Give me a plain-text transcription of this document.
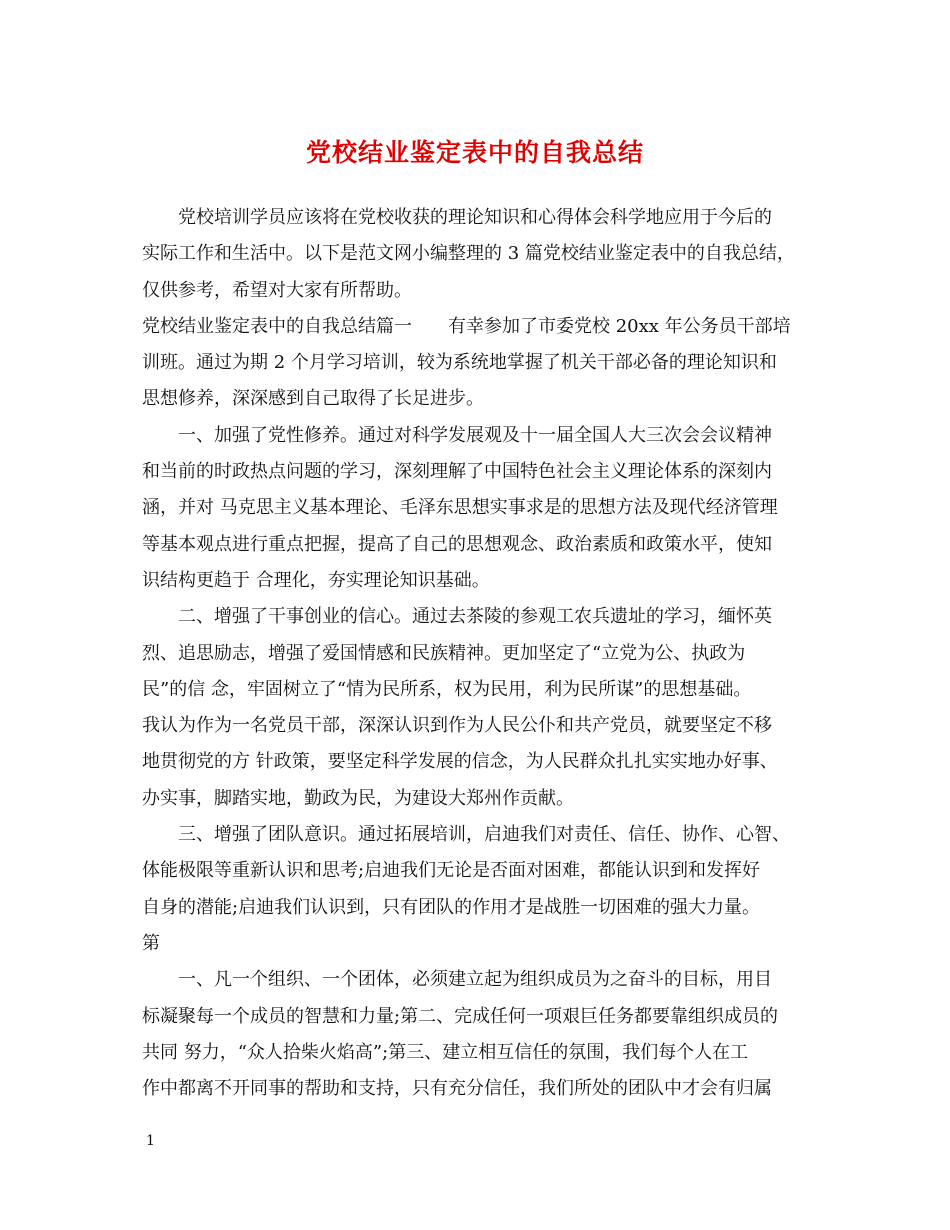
党校结业鉴定表中的自我总结
党校培训学员应该将在党校收获的理论知识和心得体会科学地应用于今后的
实际工作和生活中。以下是范文网小编整理的 3 篇党校结业鉴定表中的自我总结，
仅供参考，希望对大家有所帮助。
党校结业鉴定表中的自我总结篇一　　有幸参加了市委党校 20xx 年公务员干部培
训班。通过为期 2 个月学习培训，较为系统地掌握了机关干部必备的理论知识和
思想修养，深深感到自己取得了长足进步。
一、加强了党性修养。通过对科学发展观及十一届全国人大三次会会议精神
和当前的时政热点问题的学习，深刻理解了中国特色社会主义理论体系的深刻内
涵，并对 马克思主义基本理论、毛泽东思想实事求是的思想方法及现代经济管理
等基本观点进行重点把握，提高了自己的思想观念、政治素质和政策水平，使知
识结构更趋于 合理化，夯实理论知识基础。
二、增强了干事创业的信心。通过去茶陵的参观工农兵遗址的学习，缅怀英
烈、追思励志，增强了爱国情感和民族精神。更加坚定了“立党为公、执政为
民”的信 念，牢固树立了“情为民所系，权为民用，利为民所谋”的思想基础。
我认为作为一名党员干部，深深认识到作为人民公仆和共产党员，就要坚定不移
地贯彻党的方 针政策，要坚定科学发展的信念，为人民群众扎扎实实地办好事、
办实事，脚踏实地，勤政为民，为建设大郑州作贡献。
三、增强了团队意识。通过拓展培训，启迪我们对责任、信任、协作、心智、
体能极限等重新认识和思考;启迪我们无论是否面对困难，都能认识到和发挥好
自身的潜能;启迪我们认识到，只有团队的作用才是战胜一切困难的强大力量。
第
一、凡一个组织、一个团体，必须建立起为组织成员为之奋斗的目标，用目
标凝聚每一个成员的智慧和力量;第二、完成任何一项艰巨任务都要靠组织成员的
共同 努力，“众人拾柴火焰高”;第三、建立相互信任的氛围，我们每个人在工
作中都离不开同事的帮助和支持，只有充分信任，我们所处的团队中才会有归属
1
